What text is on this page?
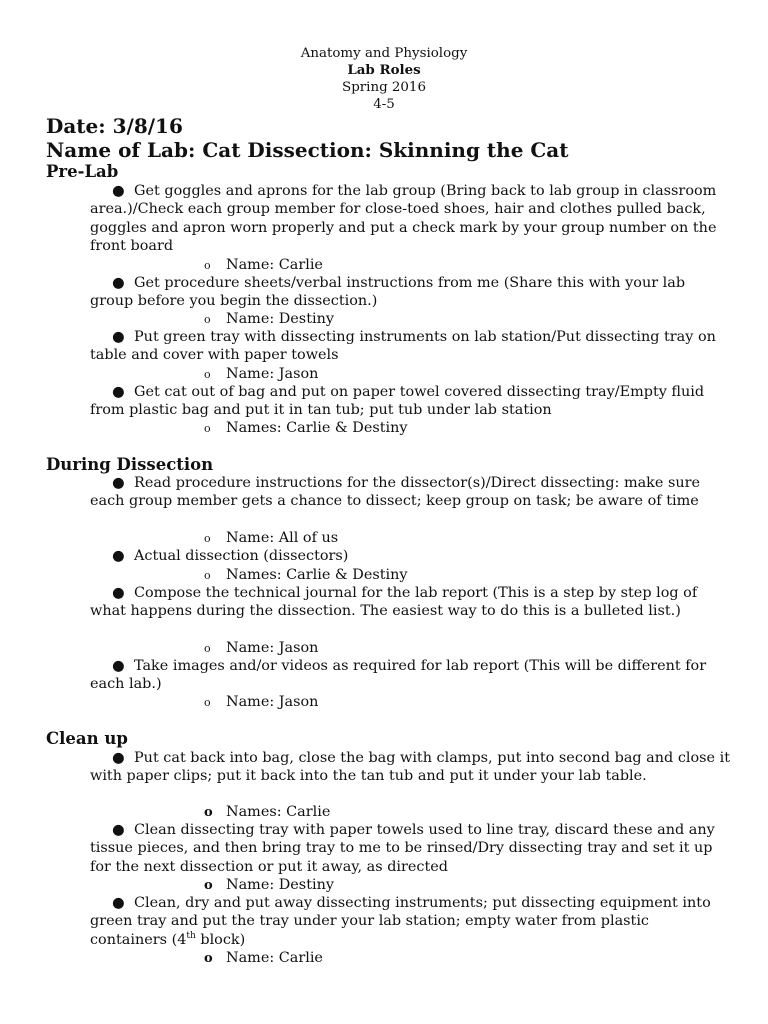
Anatomy and Physiology
Lab Roles
Spring 2016
4-5
Date: 3/8/16
Name of Lab: Cat Dissection: Skinning the Cat
Pre-Lab
● Get goggles and aprons for the lab group (Bring back to lab group in classroom area.)/Check each group member for close-toed shoes, hair and clothes pulled back, goggles and apron worn properly and put a check mark by your group number on the front board
o Name: Carlie
● Get procedure sheets/verbal instructions from me (Share this with your lab group before you begin the dissection.)
o Name: Destiny
● Put green tray with dissecting instruments on lab station/Put dissecting tray on table and cover with paper towels
o Name: Jason
● Get cat out of bag and put on paper towel covered dissecting tray/Empty fluid from plastic bag and put it in tan tub; put tub under lab station
o Names: Carlie & Destiny
During Dissection
● Read procedure instructions for the dissector(s)/Direct dissecting: make sure each group member gets a chance to dissect; keep group on task; be aware of time
o Name: All of us
● Actual dissection (dissectors)
o Names: Carlie & Destiny
● Compose the technical journal for the lab report (This is a step by step log of what happens during the dissection. The easiest way to do this is a bulleted list.)
o Name: Jason
● Take images and/or videos as required for lab report (This will be different for each lab.)
o Name: Jason
Clean up
● Put cat back into bag, close the bag with clamps, put into second bag and close it with paper clips; put it back into the tan tub and put it under your lab table.
o Names: Carlie
● Clean dissecting tray with paper towels used to line tray, discard these and any tissue pieces, and then bring tray to me to be rinsed/Dry dissecting tray and set it up for the next dissection or put it away, as directed
o Name: Destiny
● Clean, dry and put away dissecting instruments; put dissecting equipment into green tray and put the tray under your lab station; empty water from plastic containers (4th block)
o Name: Carlie
